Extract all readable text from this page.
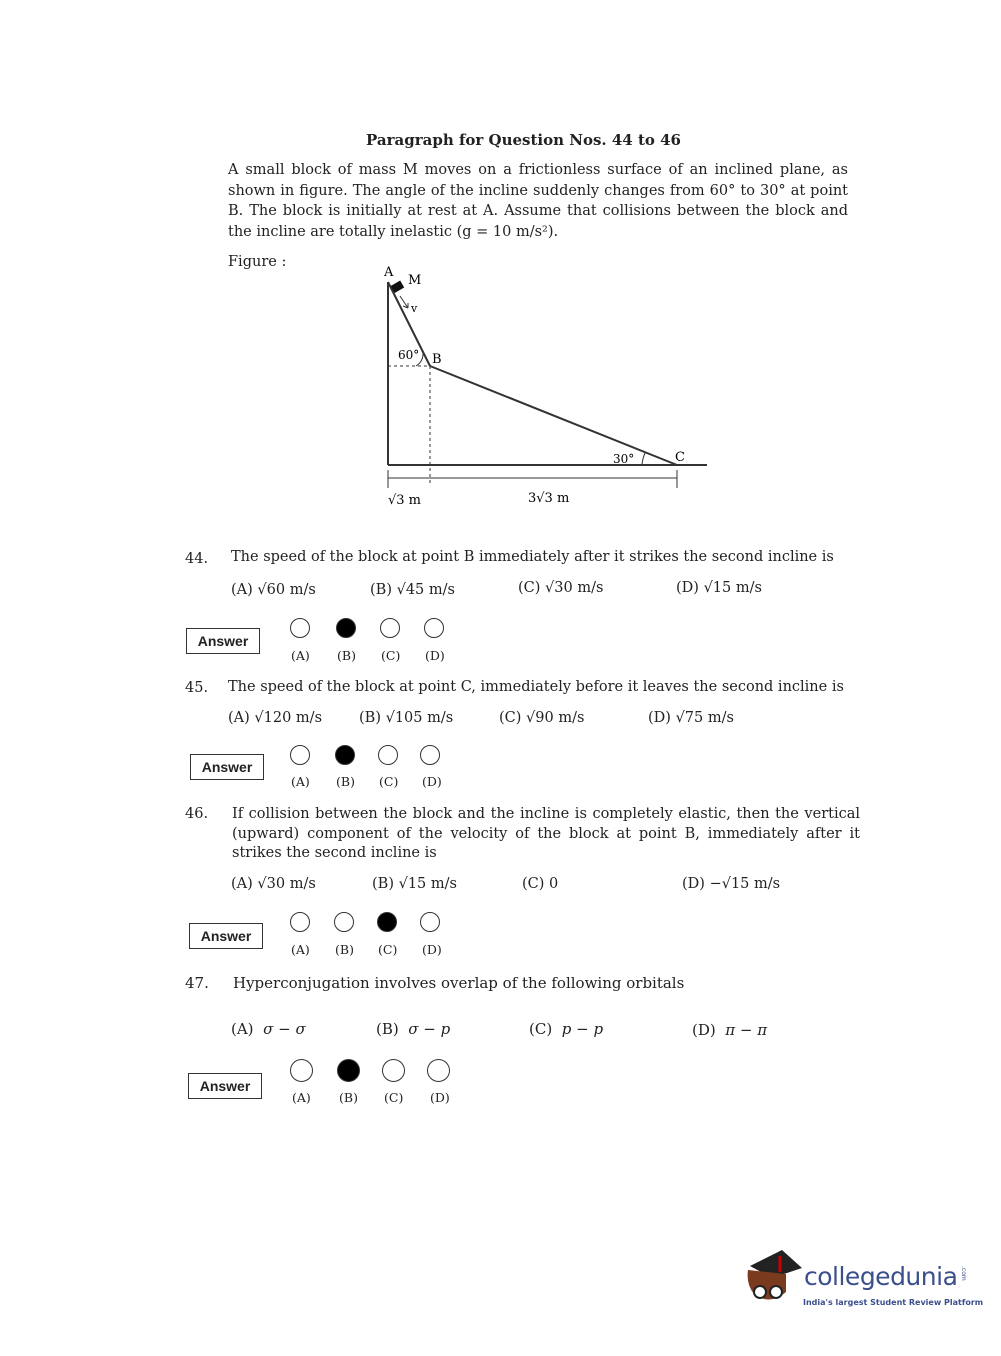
Paragraph for Question Nos. 44 to 46
A small block of mass M moves on a frictionless surface of an inclined plane, as shown in figure. The angle of the incline suddenly changes from 60° to 30° at point B. The block is initially at rest at A. Assume that collisions between the block and the incline are totally inelastic (g = 10 m/s²).
Figure :
A
M
v
60° B
30°	C
√3 m	3√3 m
44. The speed of the block at point B immediately after it strikes the second incline is
(A) √60 m/s	(B) √45 m/s	(C) √30 m/s	(D) √15 m/s
Answer
(A) (B) (C) (D)
45. The speed of the block at point C, immediately before it leaves the second incline is
(A) √120 m/s	(B) √105 m/s	(C) √90 m/s	(D) √75 m/s
Answer
(A) (B) (C) (D)
46. If collision between the block and the incline is completely elastic, then the vertical (upward) component of the velocity of the block at point B, immediately after it strikes the second incline is
(A) √30 m/s	(B) √15 m/s	(C) 0	(D) −√15 m/s
Answer
(A) (B) (C) (D)
47. Hyperconjugation involves overlap of the following orbitals
(A) σ − σ	(B) σ − p	(C) p − p	(D) π − π
Answer
(A) (B) (C) (D)
collegedunia .com
India's largest Student Review Platform
